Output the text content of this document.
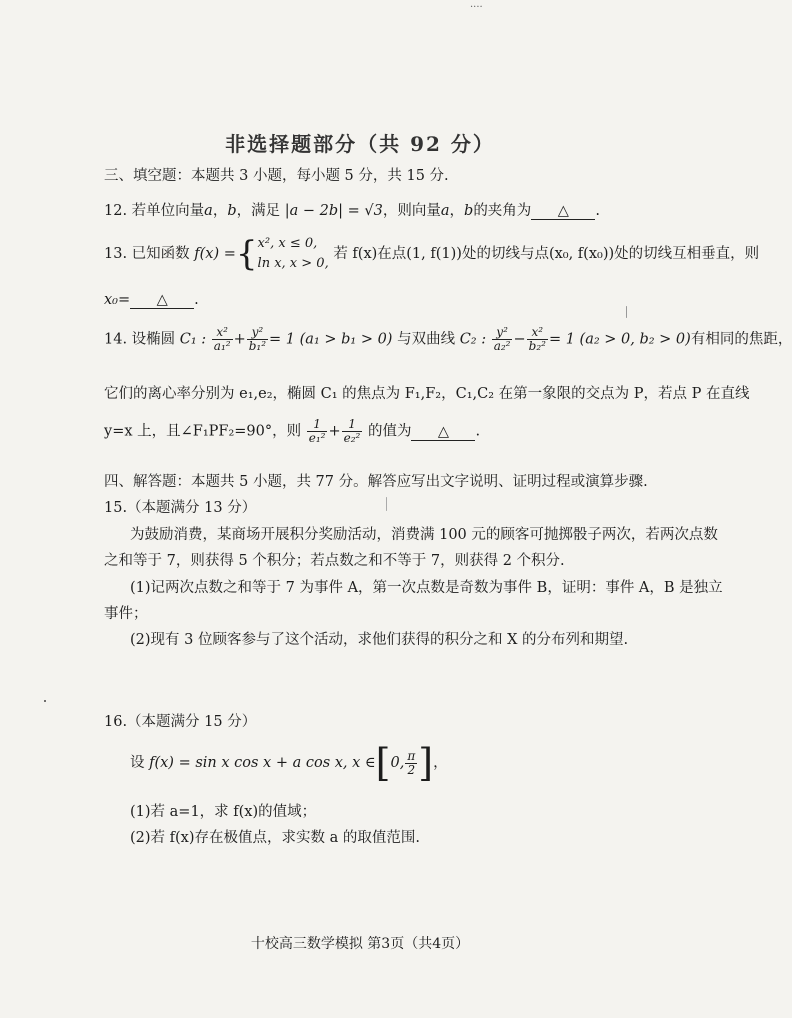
····
非选择题部分（共 92 分）
三、填空题：本题共 3 小题，每小题 5 分，共 15 分.
12. 若单位向量a，b，满足 |a − 2b| = √3，则向量a，b的夹角为 △ .
13. 已知函数 f(x) ={ x², x ≤ 0,
ln x, x > 0,
若 f(x)在点(1, f(1))处的切线与点(x₀, f(x₀))处的切线互相垂直，则
x₀= △ .
14. 设椭圆 C₁ : $\frac{\text{x²}}{\text{a₁²}} + \frac{\text{y²}}{\text{b₁²}} = 1$ (a₁ > b₁ > 0) 与双曲线 C₂ : $\frac{\text{y²}}{\text{a₂²}} - \frac{\text{x²}}{\text{b₂²}} = 1$ (a₂ > 0, b₂ > 0)有相同的焦距，
它们的离心率分别为 e₁,e₂，椭圆 C₁ 的焦点为 F₁,F₂，C₁,C₂ 在第一象限的交点为 P，若点 P 在直线
y=x 上，且∠F₁PF₂=90°，则 $\frac{1}{\text{e₁²}} + \frac{1}{\text{e₂²}}$ 的值为 △ .
四、解答题：本题共 5 小题，共 77 分。解答应写出文字说明、证明过程或演算步骤.
15.（本题满分 13 分）
为鼓励消费，某商场开展积分奖励活动，消费满 100 元的顾客可抛掷骰子两次，若两次点数
之和等于 7，则获得 5 个积分；若点数之和不等于 7，则获得 2 个积分.
(1)记两次点数之和等于 7 为事件 A，第一次点数是奇数为事件 B，证明：事件 A，B 是独立
事件；
(2)现有 3 位顾客参与了这个活动，求他们获得的积分之和 X 的分布列和期望.
16.（本题满分 15 分）
设 f(x) = sin x cos x + a cos x, x ∈[0, $\frac{\pi}{2}$ ]，
(1)若 a=1，求 f(x)的值域；
(2)若 f(x)存在极值点，求实数 a 的取值范围.
十校高三数学模拟 第3页（共4页）
